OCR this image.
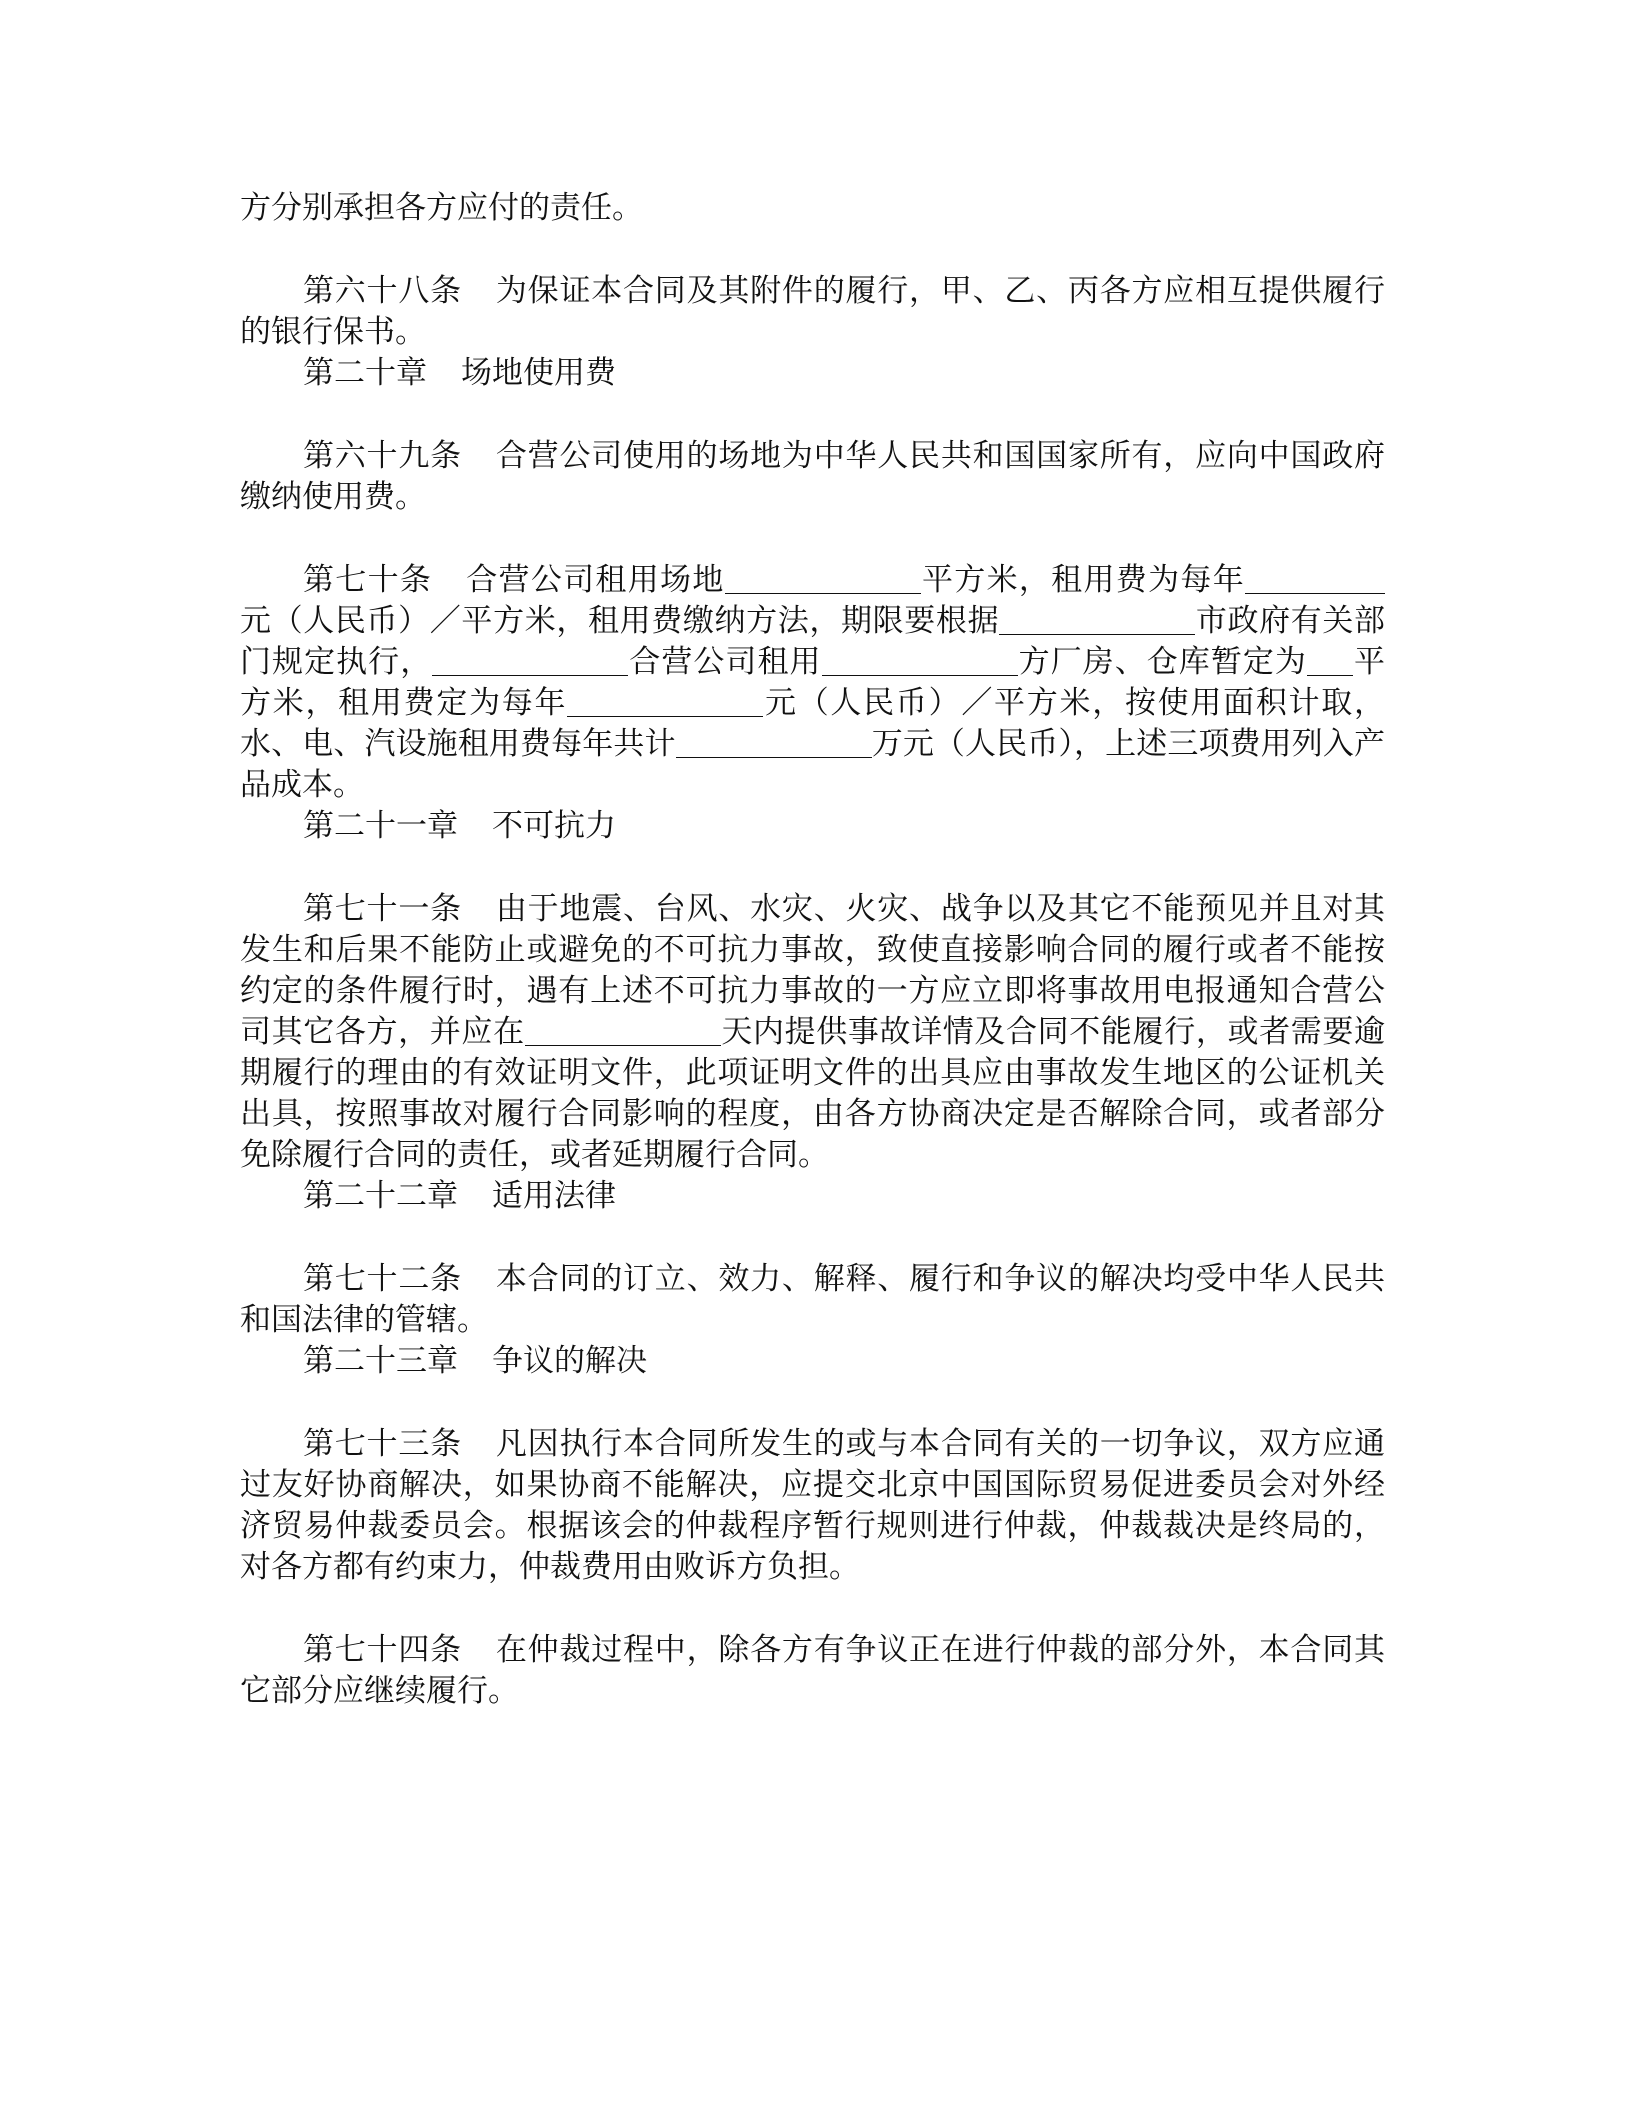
方分别承担各方应付的责任。

第六十八条 为保证本合同及其附件的履行，甲、乙、丙各方应相互提供履行的银行保书。

第二十章 场地使用费

第六十九条 合营公司使用的场地为中华人民共和国国家所有，应向中国政府缴纳使用费。

第七十条 合营公司租用场地	平方米，租用费为每年元（人民币）／平方米，租用费缴纳方法，期限要根据	市政府有关部门规定执行，	合营公司租用	方厂房、仓库暂定为 平方米，租用费定为每年	元（人民币）／平方米，按使用面积计取，水、电、汽设施租用费每年共计	万元（人民币），上述三项费用列入产品成本。

第二十一章 不可抗力

第七十一条 由于地震、台风、水灾、火灾、战争以及其它不能预见并且对其发生和后果不能防止或避免的不可抗力事故，致使直接影响合同的履行或者不能按约定的条件履行时，遇有上述不可抗力事故的一方应立即将事故用电报通知合营公司其它各方，并应在	天内提供事故详情及合同不能履行，或者需要逾期履行的理由的有效证明文件，此项证明文件的出具应由事故发生地区的公证机关出具，按照事故对履行合同影响的程度，由各方协商决定是否解除合同，或者部分免除履行合同的责任，或者延期履行合同。

第二十二章 适用法律

第七十二条 本合同的订立、效力、解释、履行和争议的解决均受中华人民共和国法律的管辖。

第二十三章 争议的解决

第七十三条 凡因执行本合同所发生的或与本合同有关的一切争议，双方应通过友好协商解决，如果协商不能解决，应提交北京中国国际贸易促进委员会对外经济贸易仲裁委员会。根据该会的仲裁程序暂行规则进行仲裁，仲裁裁决是终局的，对各方都有约束力，仲裁费用由败诉方负担。

第七十四条 在仲裁过程中，除各方有争议正在进行仲裁的部分外，本合同其它部分应继续履行。
